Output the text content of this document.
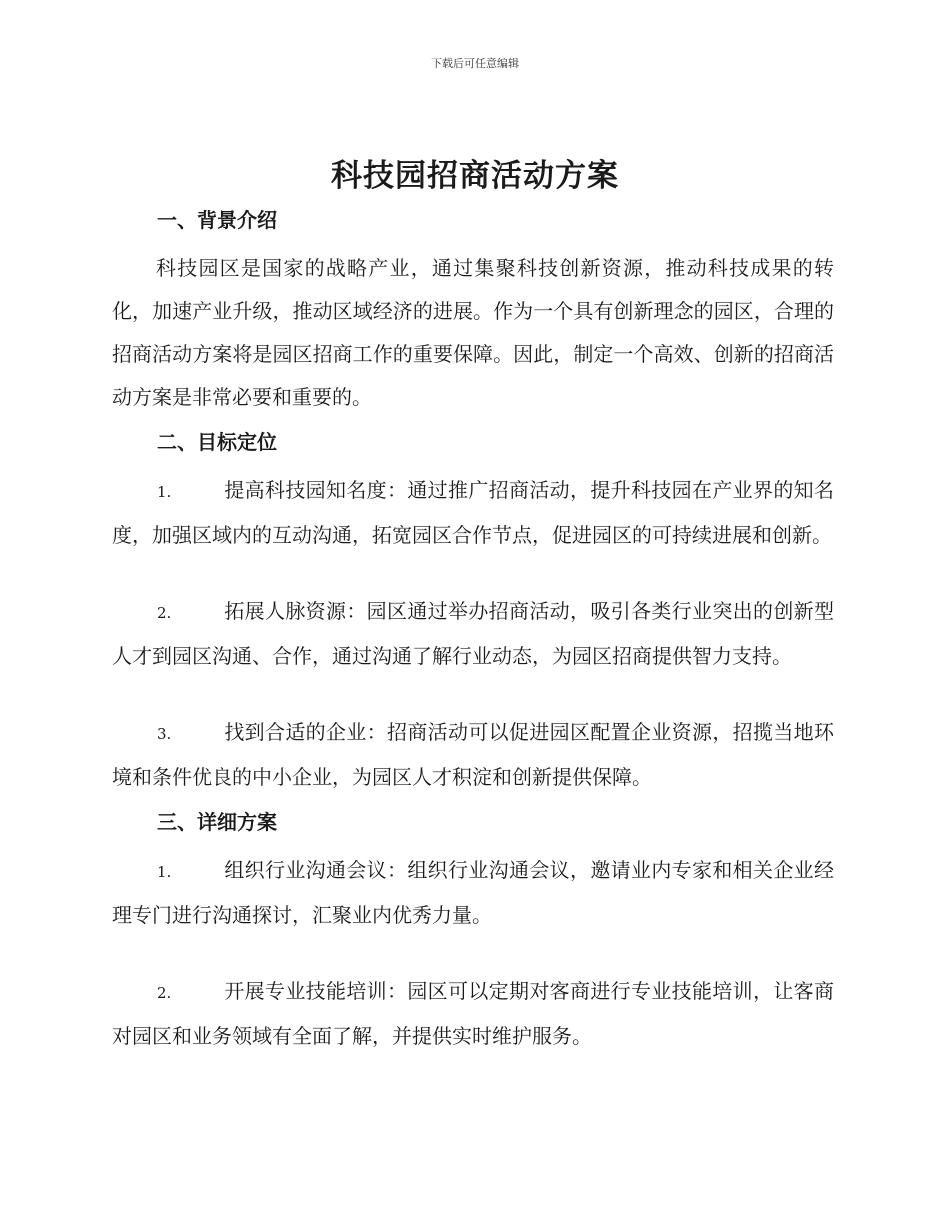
下载后可任意编辑
科技园招商活动方案
一、背景介绍

科技园区是国家的战略产业，通过集聚科技创新资源，推动科技成果的转化，加速产业升级，推动区域经济的进展。作为一个具有创新理念的园区，合理的招商活动方案将是园区招商工作的重要保障。因此，制定一个高效、创新的招商活动方案是非常必要和重要的。

二、目标定位

1.	提高科技园知名度：通过推广招商活动，提升科技园在产业界的知名度，加强区域内的互动沟通，拓宽园区合作节点，促进园区的可持续进展和创新。

2.	拓展人脉资源：园区通过举办招商活动，吸引各类行业突出的创新型人才到园区沟通、合作，通过沟通了解行业动态，为园区招商提供智力支持。

3.	找到合适的企业：招商活动可以促进园区配置企业资源，招揽当地环境和条件优良的中小企业，为园区人才积淀和创新提供保障。

三、详细方案

1.	组织行业沟通会议：组织行业沟通会议，邀请业内专家和相关企业经理专门进行沟通探讨，汇聚业内优秀力量。

2.	开展专业技能培训：园区可以定期对客商进行专业技能培训，让客商对园区和业务领域有全面了解，并提供实时维护服务。
